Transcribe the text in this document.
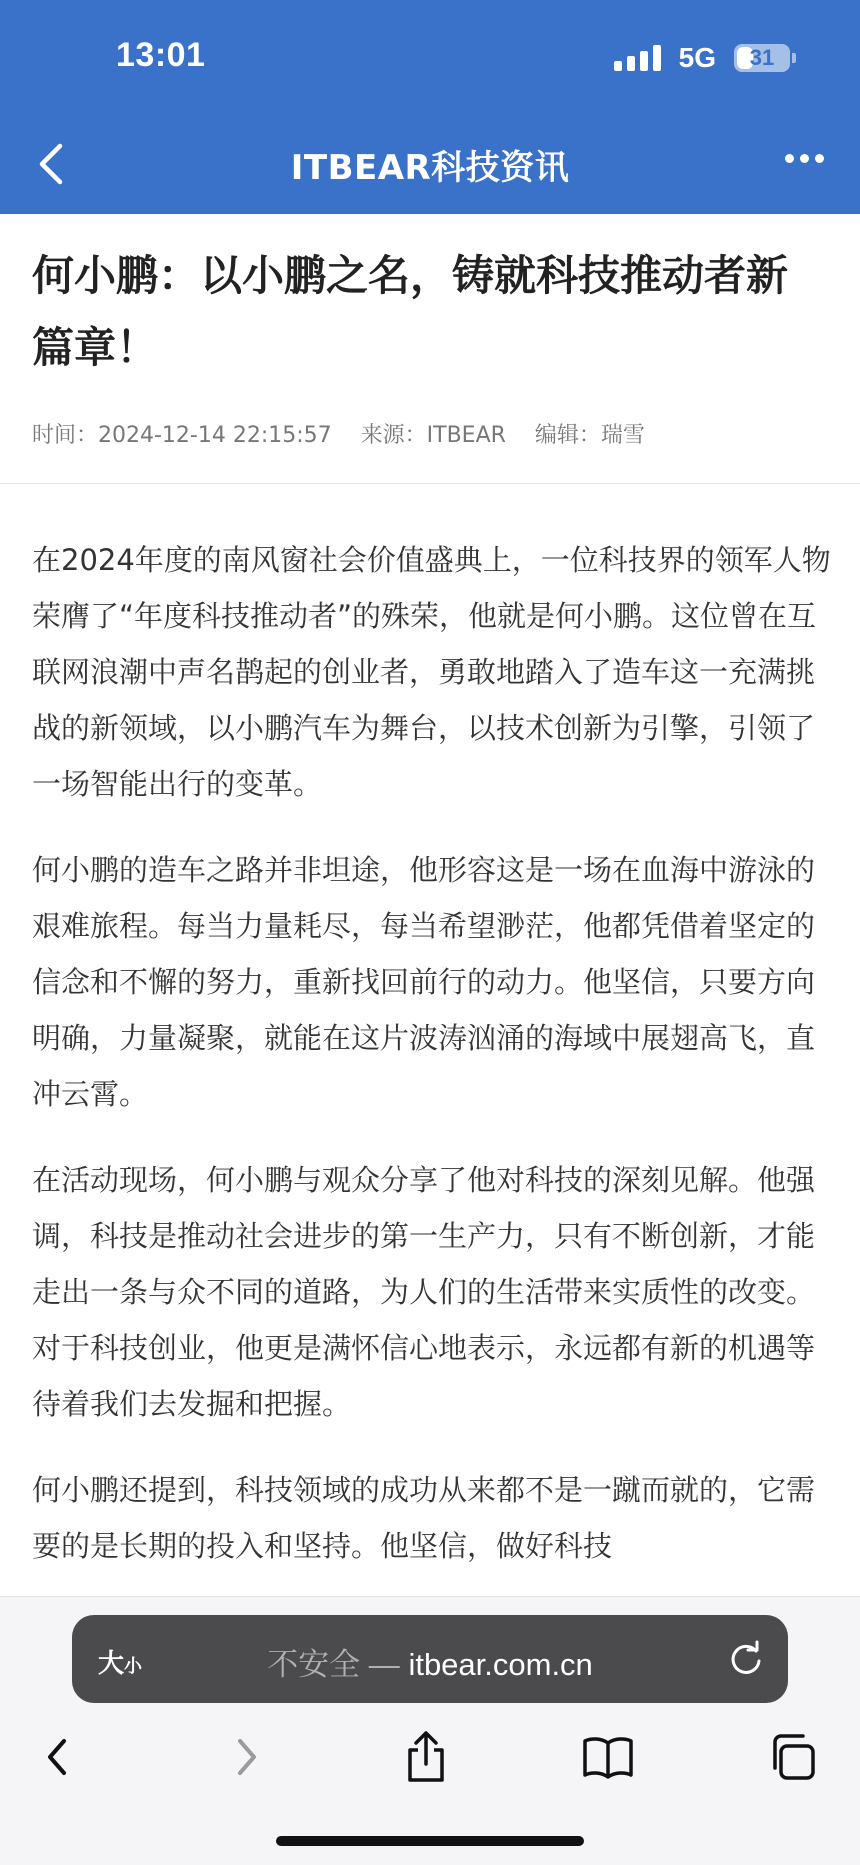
13:01	5G 31
ITBEAR科技资讯
何小鹏：以小鹏之名，铸就科技推动者新篇章！
时间：2024-12-14 22:15:57 来源：ITBEAR 编辑：瑞雪

在2024年度的南风窗社会价值盛典上，一位科技界的领军人物荣膺了“年度科技推动者”的殊荣，他就是何小鹏。这位曾在互联网浪潮中声名鹊起的创业者，勇敢地踏入了造车这一充满挑战的新领域，以小鹏汽车为舞台，以技术创新为引擎，引领了一场智能出行的变革。

何小鹏的造车之路并非坦途，他形容这是一场在血海中游泳的艰难旅程。每当力量耗尽，每当希望渺茫，他都凭借着坚定的信念和不懈的努力，重新找回前行的动力。他坚信，只要方向明确，力量凝聚，就能在这片波涛汹涌的海域中展翅高飞，直冲云霄。

在活动现场，何小鹏与观众分享了他对科技的深刻见解。他强调，科技是推动社会进步的第一生产力，只有不断创新，才能走出一条与众不同的道路，为人们的生活带来实质性的改变。对于科技创业，他更是满怀信心地表示，永远都有新的机遇等待着我们去发掘和把握。

何小鹏还提到，科技领域的成功从来都不是一蹴而就的，它需要的是长期的投入和坚持。他坚信，做好科技

大小	不安全 — itbear.com.cn
